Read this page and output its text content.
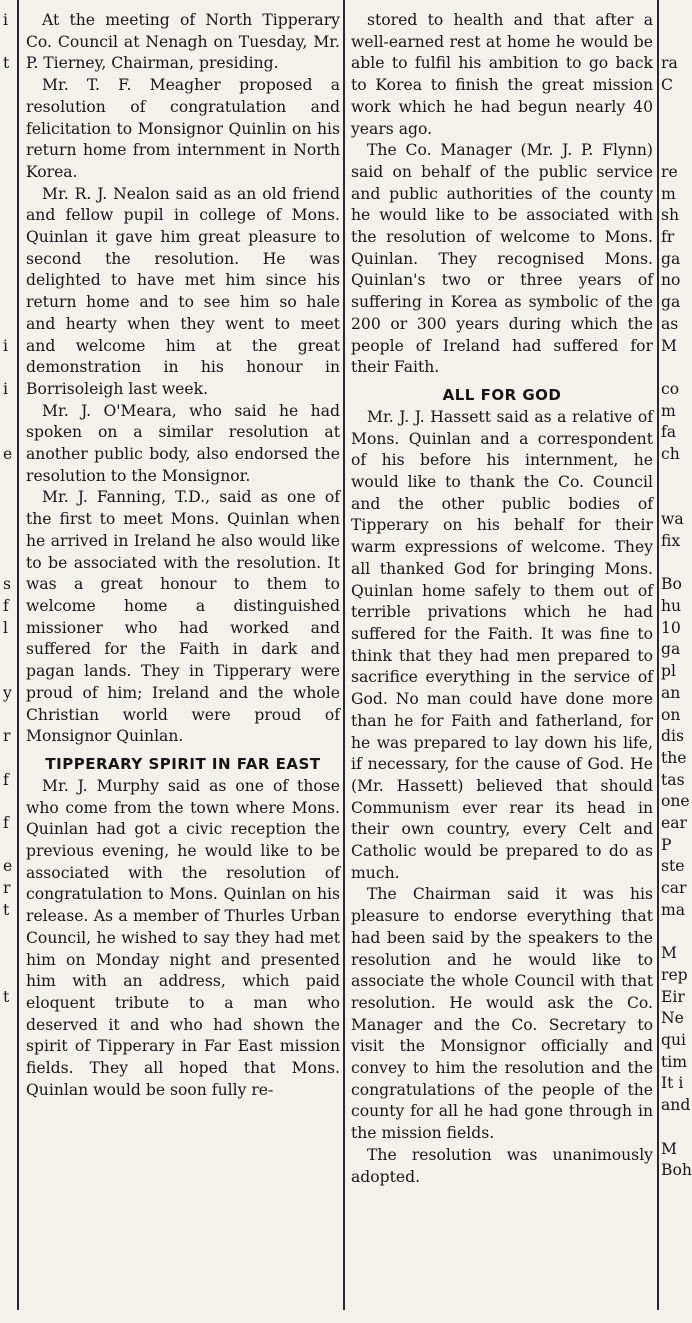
i

t

i

i

e

s
f
l

y

r

f

f

e
r
t

t

At the meeting of North Tipperary Co. Council at Nenagh on Tuesday, Mr. P. Tierney, Chairman, presiding.

Mr. T. F. Meagher proposed a resolution of congratulation and felicitation to Monsignor Quinlin on his return home from internment in North Korea.

Mr. R. J. Nealon said as an old friend and fellow pupil in college of Mons. Quinlan it gave him great pleasure to second the resolution. He was delighted to have met him since his return home and to see him so hale and hearty when they went to meet and welcome him at the great demonstration in his honour in Borrisoleigh last week.

Mr. J. O'Meara, who said he had spoken on a similar resolution at another public body, also endorsed the resolution to the Monsignor.

Mr. J. Fanning, T.D., said as one of the first to meet Mons. Quinlan when he arrived in Ireland he also would like to be associated with the resolution. It was a great honour to them to welcome home a distinguished missioner who had worked and suffered for the Faith in dark and pagan lands. They in Tipperary were proud of him; Ireland and the whole Christian world were proud of Monsignor Quinlan.

TIPPERARY SPIRIT IN FAR EAST

Mr. J. Murphy said as one of those who come from the town where Mons. Quinlan had got a civic reception the previous evening, he would like to be associated with the resolution of congratulation to Mons. Quinlan on his release. As a member of Thurles Urban Council, he wished to say they had met him on Monday night and presented him with an address, which paid eloquent tribute to a man who deserved it and who had shown the spirit of Tipperary in Far East mission fields. They all hoped that Mons. Quinlan would be soon fully re-

stored to health and that after a well-earned rest at home he would be able to fulfil his ambition to go back to Korea to finish the great mission work which he had begun nearly 40 years ago.

The Co. Manager (Mr. J. P. Flynn) said on behalf of the public service and public authorities of the county he would like to be associated with the resolution of welcome to Mons. Quinlan. They recognised Mons. Quinlan's two or three years of suffering in Korea as symbolic of the 200 or 300 years during which the people of Ireland had suffered for their Faith.

ALL FOR GOD

Mr. J. J. Hassett said as a relative of Mons. Quinlan and a correspondent of his before his internment, he would like to thank the Co. Council and the other public bodies of Tipperary on his behalf for their warm expressions of welcome. They all thanked God for bringing Mons. Quinlan home safely to them out of terrible privations which he had suffered for the Faith. It was fine to think that they had men prepared to sacrifice everything in the service of God. No man could have done more than he for Faith and fatherland, for he was prepared to lay down his life, if necessary, for the cause of God. He (Mr. Hassett) believed that should Communism ever rear its head in their own country, every Celt and Catholic would be prepared to do as much.

The Chairman said it was his pleasure to endorse everything that had been said by the speakers to the resolution and he would like to associate the whole Council with that resolution. He would ask the Co. Manager and the Co. Secretary to visit the Monsignor officially and convey to him the resolution and the congratulations of the people of the county for all he had gone through in the mission fields.

The resolution was unanimously adopted.

ra
C

re
m
sh
fr
ga
no
ga
as
M

co
m
fa
ch

wa
fix

Bo
hu
10
ga
pl
an
on
dis
the
tas
one
ear
P
ste
car
ma

M
rep
Eir
Ne
qui
tim
It i
and

M
Boh
